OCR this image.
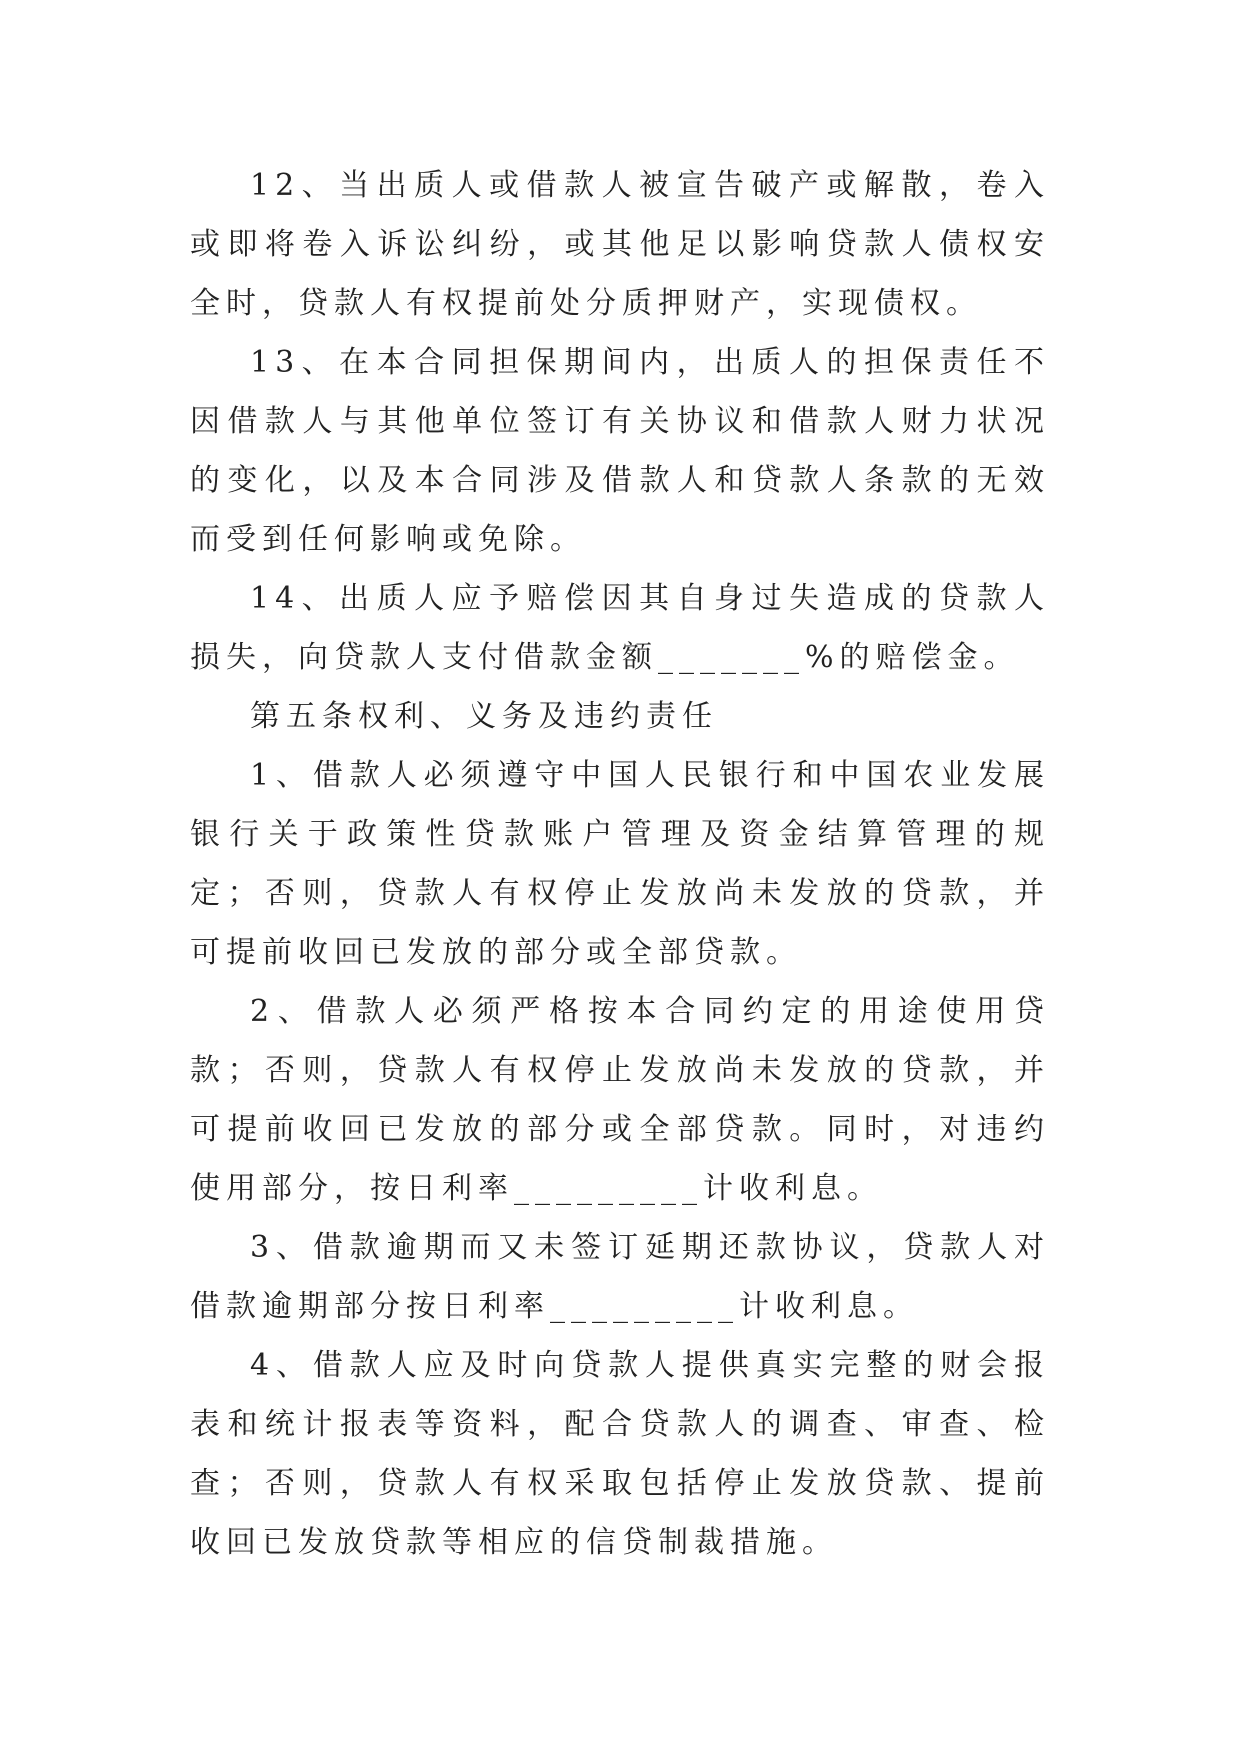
12、当出质人或借款人被宣告破产或解散，卷入或即将卷入诉讼纠纷，或其他足以影响贷款人债权安全时，贷款人有权提前处分质押财产，实现债权。

13、在本合同担保期间内，出质人的担保责任不因借款人与其他单位签订有关协议和借款人财力状况的变化，以及本合同涉及借款人和贷款人条款的无效而受到任何影响或免除。

14、出质人应予赔偿因其自身过失造成的贷款人损失，向贷款人支付借款金额_______%的赔偿金。

第五条权利、义务及违约责任

1、借款人必须遵守中国人民银行和中国农业发展银行关于政策性贷款账户管理及资金结算管理的规定；否则，贷款人有权停止发放尚未发放的贷款，并可提前收回已发放的部分或全部贷款。

2、借款人必须严格按本合同约定的用途使用贷款；否则，贷款人有权停止发放尚未发放的贷款，并可提前收回已发放的部分或全部贷款。同时，对违约使用部分，按日利率_________计收利息。

3、借款逾期而又未签订延期还款协议，贷款人对借款逾期部分按日利率_________计收利息。

4、借款人应及时向贷款人提供真实完整的财会报表和统计报表等资料，配合贷款人的调查、审查、检查；否则，贷款人有权采取包括停止发放贷款、提前收回已发放贷款等相应的信贷制裁措施。
